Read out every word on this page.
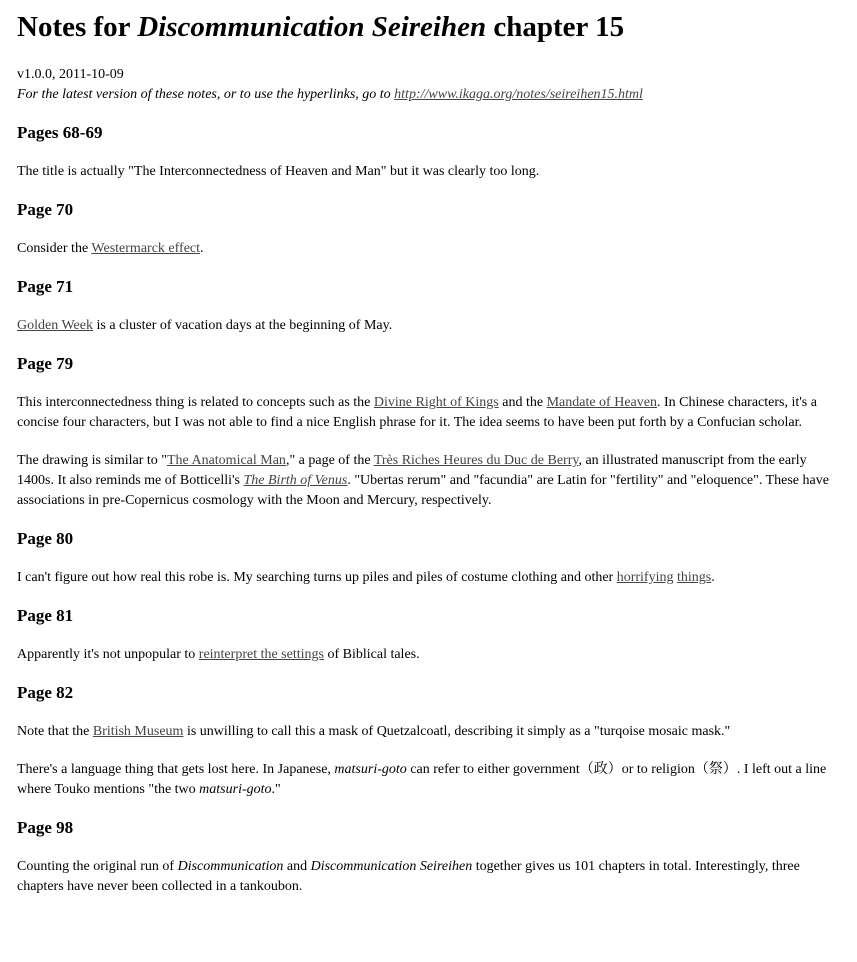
Notes for Discommunication Seireihen chapter 15

v1.0.0, 2011-10-09

For the latest version of these notes, or to use the hyperlinks, go to http://www.ikaga.org/notes/seireihen15.html

Pages 68-69

The title is actually "The Interconnectedness of Heaven and Man" but it was clearly too long.

Page 70

Consider the Westermarck effect.

Page 71

Golden Week is a cluster of vacation days at the beginning of May.

Page 79

This interconnectedness thing is related to concepts such as the Divine Right of Kings and the Mandate of Heaven. In Chinese characters, it's a concise four characters, but I was not able to find a nice English phrase for it. The idea seems to have been put forth by a Confucian scholar.

The drawing is similar to "The Anatomical Man," a page of the Très Riches Heures du Duc de Berry, an illustrated manuscript from the early 1400s. It also reminds me of Botticelli's The Birth of Venus. "Ubertas rerum" and "facundia" are Latin for "fertility" and "eloquence". These have associations in pre-Copernicus cosmology with the Moon and Mercury, respectively.

Page 80

I can't figure out how real this robe is. My searching turns up piles and piles of costume clothing and other horrifying things.

Page 81

Apparently it's not unpopular to reinterpret the settings of Biblical tales.

Page 82

Note that the British Museum is unwilling to call this a mask of Quetzalcoatl, describing it simply as a "turqoise mosaic mask."

There's a language thing that gets lost here. In Japanese, matsuri-goto can refer to either government（政）or to religion（祭）. I left out a line where Touko mentions "the two matsuri-goto."

Page 98

Counting the original run of Discommunication and Discommunication Seireihen together gives us 101 chapters in total. Interestingly, three chapters have never been collected in a tankoubon.
